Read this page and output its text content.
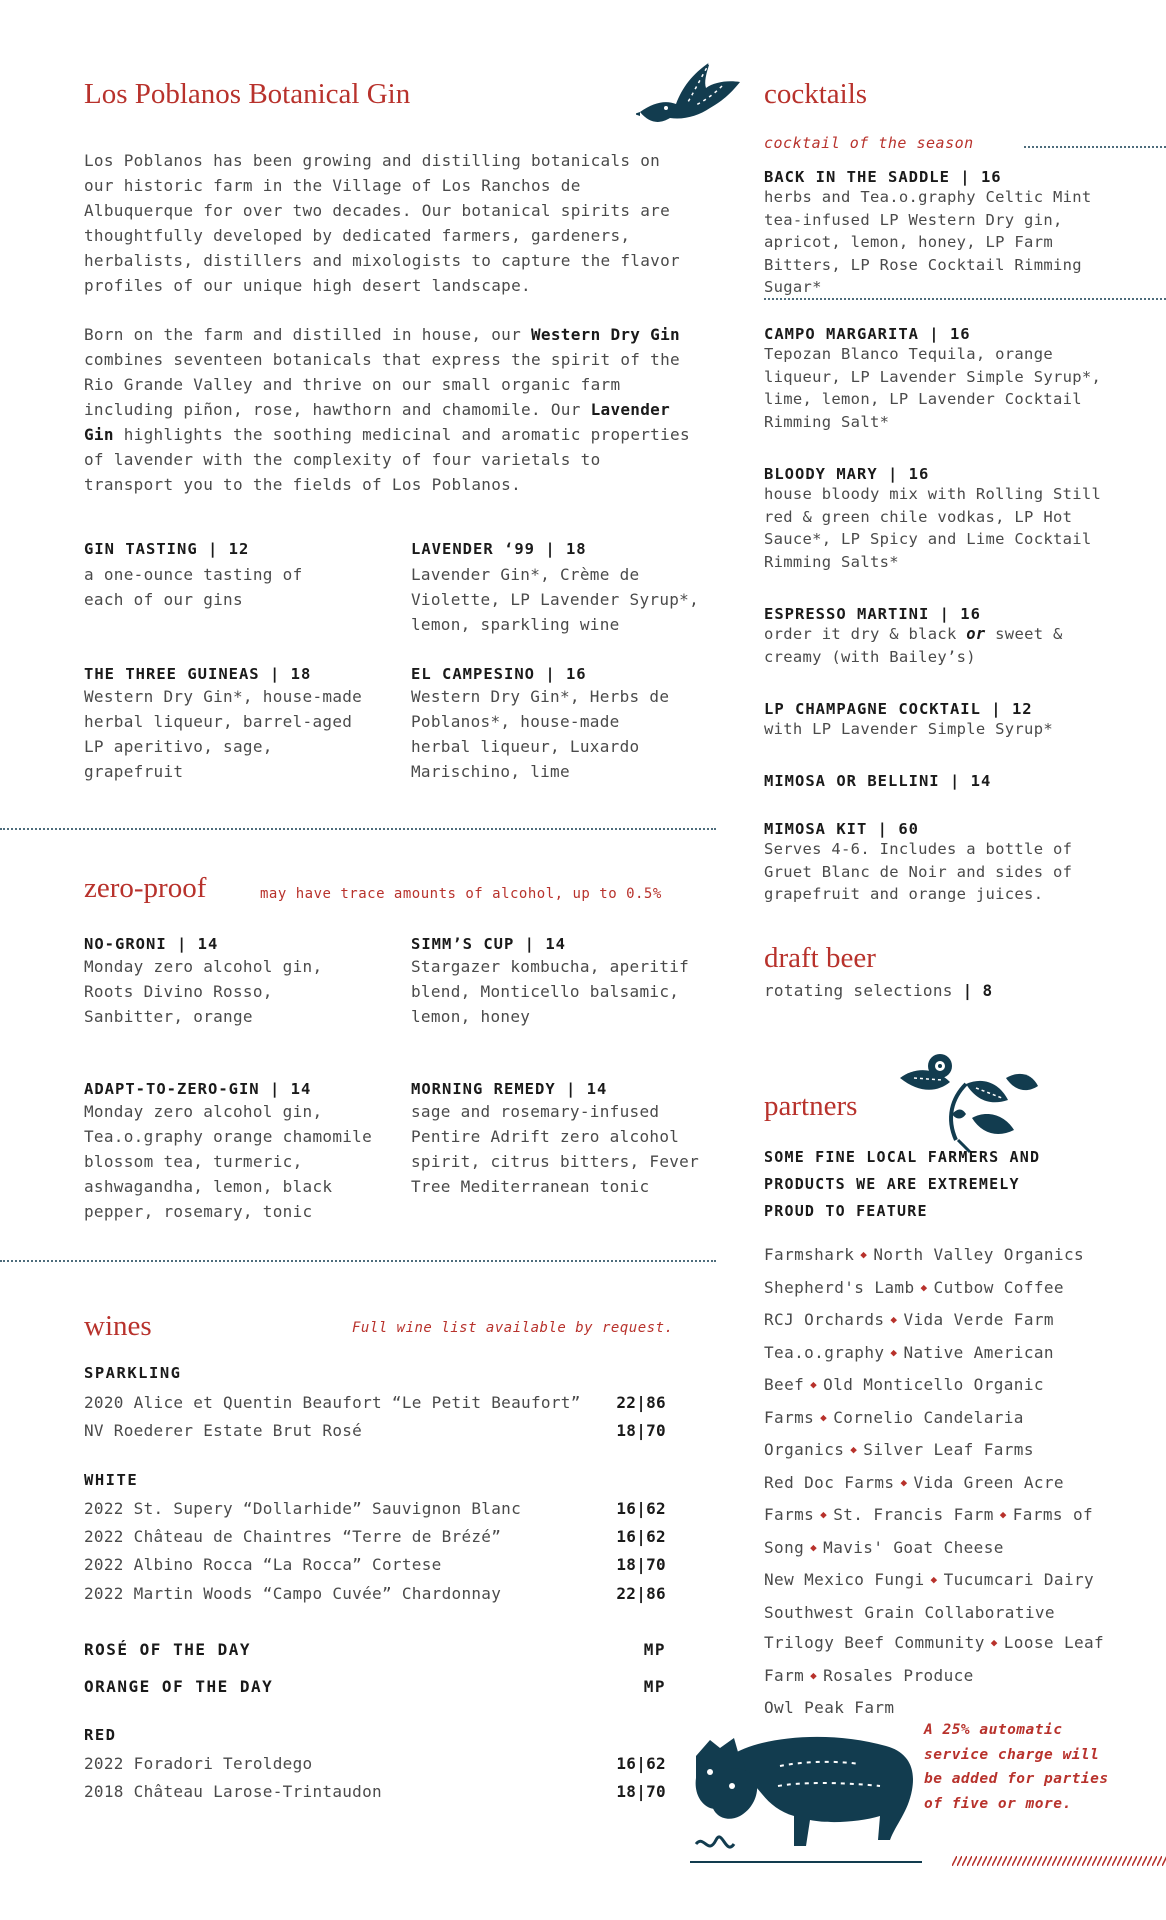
Los Poblanos Botanical Gin
Los Poblanos has been growing and distilling botanicals on our historic farm in the Village of Los Ranchos de Albuquerque for over two decades. Our botanical spirits are thoughtfully developed by dedicated farmers, gardeners, herbalists, distillers and mixologists to capture the flavor profiles of our unique high desert landscape.
Born on the farm and distilled in house, our Western Dry Gin combines seventeen botanicals that express the spirit of the Rio Grande Valley and thrive on our small organic farm including piñon, rose, hawthorn and chamomile. Our Lavender Gin highlights the soothing medicinal and aromatic properties of lavender with the complexity of four varietals to transport you to the fields of Los Poblanos.
GIN TASTING | 12
a one-ounce tasting of each of our gins
LAVENDER ‘99 | 18
Lavender Gin*, Crème de Violette, LP Lavender Syrup*, lemon, sparkling wine
THE THREE GUINEAS | 18
Western Dry Gin*, house-made herbal liqueur, barrel-aged LP aperitivo, sage, grapefruit
EL CAMPESINO | 16
Western Dry Gin*, Herbs de Poblanos*, house-made herbal liqueur, Luxardo Marischino, lime
zero-proof	may have trace amounts of alcohol, up to 0.5%
NO-GRONI | 14
Monday zero alcohol gin, Roots Divino Rosso, Sanbitter, orange
SIMM’S CUP | 14
Stargazer kombucha, aperitif blend, Monticello balsamic, lemon, honey
ADAPT-TO-ZERO-GIN | 14
Monday zero alcohol gin, Tea.o.graphy orange chamomile blossom tea, turmeric, ashwagandha, lemon, black pepper, rosemary, tonic
MORNING REMEDY | 14
sage and rosemary-infused Pentire Adrift zero alcohol spirit, citrus bitters, Fever Tree Mediterranean tonic
wines	Full wine list available by request.
SPARKLING
2020 Alice et Quentin Beaufort “Le Petit Beaufort” 22|86
NV Roederer Estate Brut Rosé	18|70
WHITE
2022 St. Supery “Dollarhide” Sauvignon Blanc	16|62
2022 Château de Chaintres “Terre de Brézé”	16|62
2022 Albino Rocca “La Rocca” Cortese	18|70
2022 Martin Woods “Campo Cuvée” Chardonnay	22|86
ROSÉ OF THE DAY	MP
ORANGE OF THE DAY	MP
RED
2022 Foradori Teroldego	16|62
2018 Château Larose-Trintaudon	18|70
cocktails
cocktail of the season
BACK IN THE SADDLE | 16
herbs and Tea.o.graphy Celtic Mint tea-infused LP Western Dry gin, apricot, lemon, honey, LP Farm Bitters, LP Rose Cocktail Rimming Sugar*
CAMPO MARGARITA | 16
Tepozan Blanco Tequila, orange liqueur, LP Lavender Simple Syrup*, lime, lemon, LP Lavender Cocktail Rimming Salt*
BLOODY MARY | 16
house bloody mix with Rolling Still red & green chile vodkas, LP Hot Sauce*, LP Spicy and Lime Cocktail Rimming Salts*
ESPRESSO MARTINI | 16
order it dry & black or sweet & creamy (with Bailey’s)
LP CHAMPAGNE COCKTAIL | 12
with LP Lavender Simple Syrup*
MIMOSA OR BELLINI | 14
MIMOSA KIT | 60
Serves 4-6. Includes a bottle of Gruet Blanc de Noir and sides of grapefruit and orange juices.
draft beer
rotating selections | 8
partners
SOME FINE LOCAL FARMERS AND PRODUCTS WE ARE EXTREMELY PROUD TO FEATURE
Farmshark ◆ North Valley Organics
Shepherd's Lamb ◆ Cutbow Coffee
RCJ Orchards ◆ Vida Verde Farm
Tea.o.graphy ◆ Native American Beef ◆ Old Monticello Organic Farms ◆ Cornelio Candelaria Organics ◆ Silver Leaf Farms
Red Doc Farms ◆ Vida Green Acre Farms ◆ St. Francis Farm ◆ Farms of Song ◆ Mavis' Goat Cheese
New Mexico Fungi ◆ Tucumcari Dairy
Southwest Grain Collaborative
Trilogy Beef Community ◆ Loose Leaf Farm ◆ Rosales Produce
Owl Peak Farm
A 25% automatic service charge will be added for parties of five or more.
